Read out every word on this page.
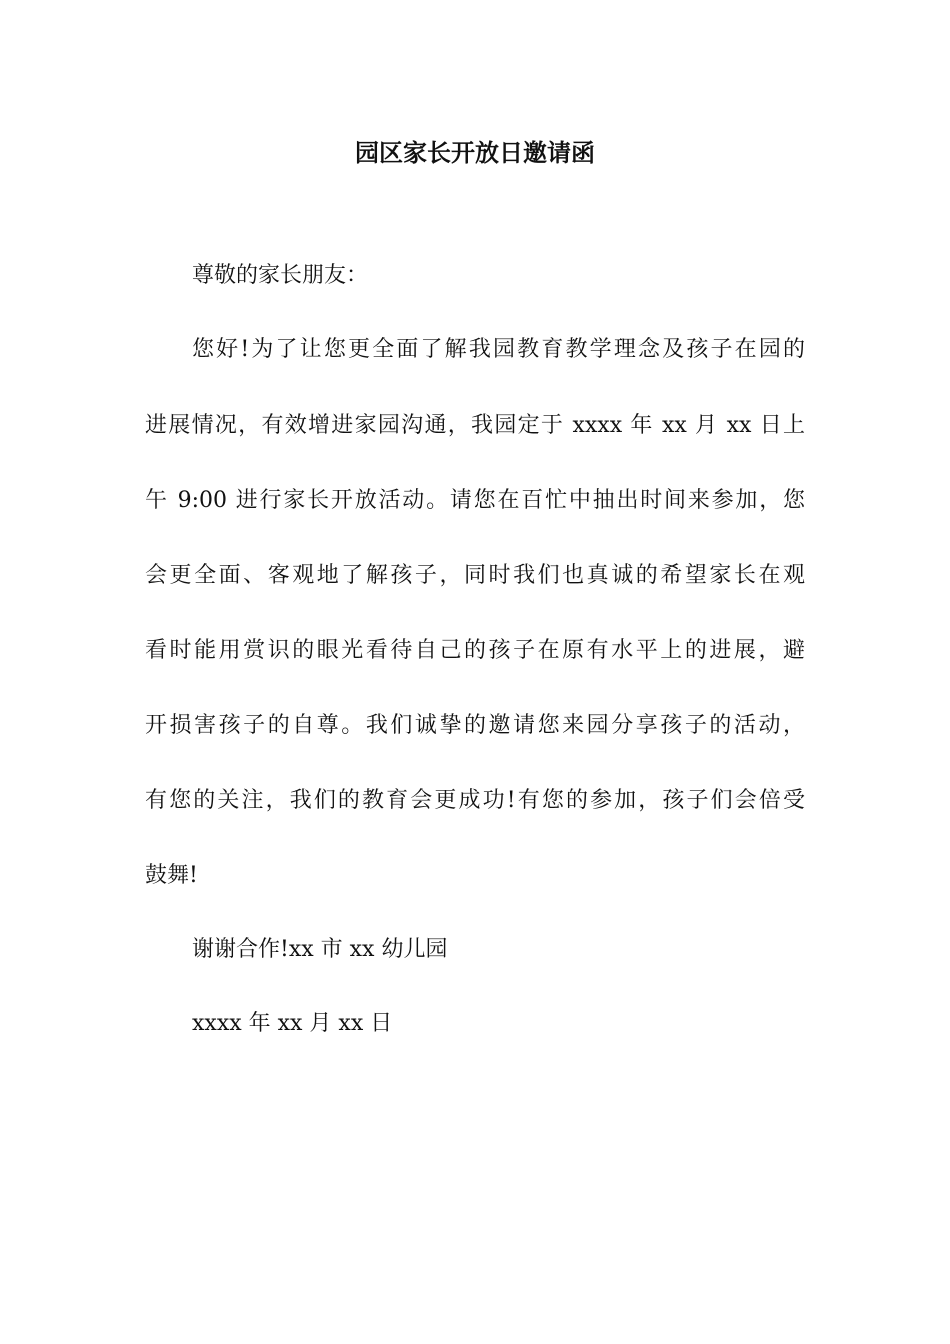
园区家长开放日邀请函
尊敬的家长朋友：
您好!为了让您更全面了解我园教育教学理念及孩子在园的
进展情况，有效增进家园沟通，我园定于 xxxx 年 xx 月 xx 日上
午 9:00 进行家长开放活动。请您在百忙中抽出时间来参加，您
会更全面、客观地了解孩子，同时我们也真诚的希望家长在观
看时能用赏识的眼光看待自己的孩子在原有水平上的进展，避
开损害孩子的自尊。我们诚挚的邀请您来园分享孩子的活动，
有您的关注，我们的教育会更成功!有您的参加，孩子们会倍受
鼓舞!
谢谢合作!xx 市 xx 幼儿园
xxxx 年 xx 月 xx 日
